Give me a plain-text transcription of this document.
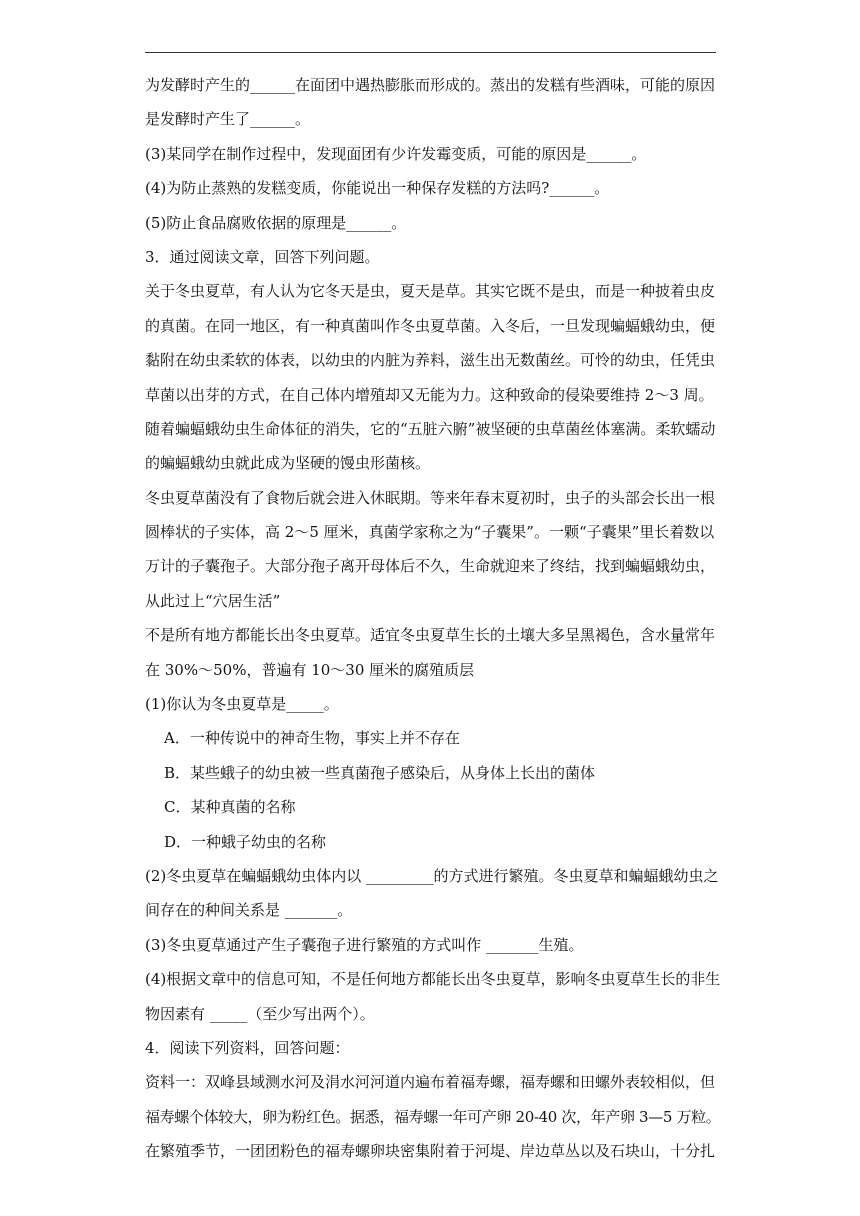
为发酵时产生的______在面团中遇热膨胀而形成的。蒸出的发糕有些酒味，可能的原因
是发酵时产生了______。
(3)某同学在制作过程中，发现面团有少许发霉变质，可能的原因是______。
(4)为防止蒸熟的发糕变质，你能说出一种保存发糕的方法吗?______。
(5)防止食品腐败依据的原理是______。
3．通过阅读文章，回答下列问题。
关于冬虫夏草，有人认为它冬天是虫，夏天是草。其实它既不是虫，而是一种披着虫皮
的真菌。在同一地区，有一种真菌叫作冬虫夏草菌。入冬后，一旦发现蝙蝠蛾幼虫，便
黏附在幼虫柔软的体表，以幼虫的内脏为养料，滋生出无数菌丝。可怜的幼虫，任凭虫
草菌以出芽的方式，在自己体内增殖却又无能为力。这种致命的侵染要维持 2～3 周。
随着蝙蝠蛾幼虫生命体征的消失，它的“五脏六腑”被坚硬的虫草菌丝体塞满。柔软蠕动
的蝙蝠蛾幼虫就此成为坚硬的馒虫形菌核。
冬虫夏草菌没有了食物后就会进入休眠期。等来年春末夏初时，虫子的头部会长出一根
圆棒状的子实体，高 2～5 厘米，真菌学家称之为“子囊果”。一颗“子囊果”里长着数以
万计的子囊孢子。大部分孢子离开母体后不久，生命就迎来了终结，找到蝙蝠蛾幼虫，
从此过上“穴居生活”
不是所有地方都能长出冬虫夏草。适宜冬虫夏草生长的土壤大多呈黑褐色，含水量常年
在 30%～50%，普遍有 10～30 厘米的腐殖质层
(1)你认为冬虫夏草是_____。
A．一种传说中的神奇生物，事实上并不存在
B．某些蛾子的幼虫被一些真菌孢子感染后，从身体上长出的菌体
C．某种真菌的名称
D．一种蛾子幼虫的名称
(2)冬虫夏草在蝙蝠蛾幼虫体内以 _________的方式进行繁殖。冬虫夏草和蝙蝠蛾幼虫之
间存在的种间关系是 _______。
(3)冬虫夏草通过产生子囊孢子进行繁殖的方式叫作 _______生殖。
(4)根据文章中的信息可知，不是任何地方都能长出冬虫夏草，影响冬虫夏草生长的非生
物因素有 _____（至少写出两个）。
4．阅读下列资料，回答问题：
资料一：双峰县域测水河及涓水河河道内遍布着福寿螺，福寿螺和田螺外表较相似，但
福寿螺个体较大，卵为粉红色。据悉，福寿螺一年可产卵 20-40 次，年产卵 3—5 万粒。
在繁殖季节，一团团粉色的福寿螺卵块密集附着于河堤、岸边草丛以及石块山，十分扎
